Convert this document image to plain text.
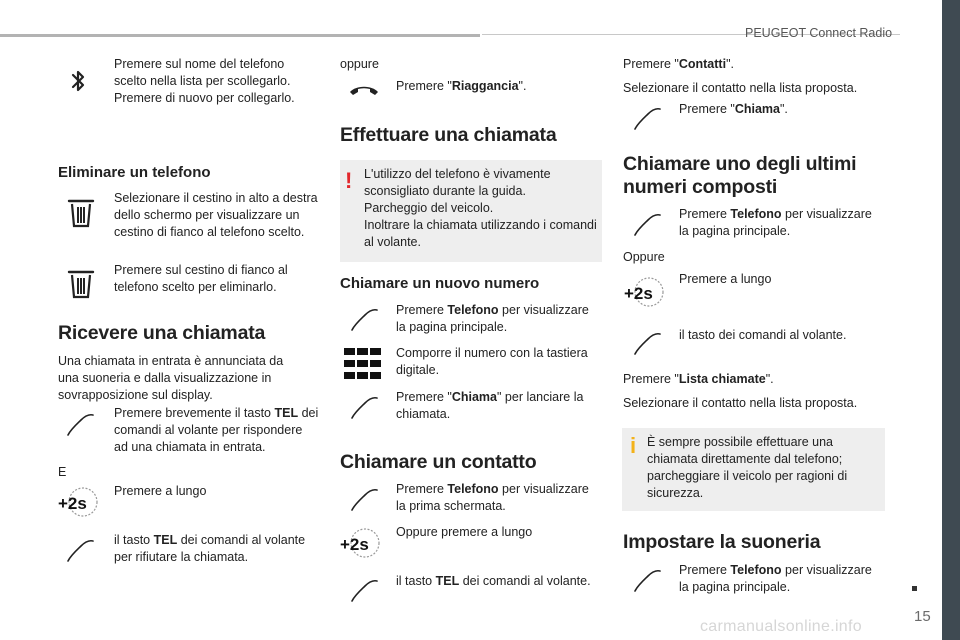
PEUGEOT Connect Radio
15
carmanualsonline.info
Premere sul nome del telefono scelto nella lista per scollegarlo. Premere di nuovo per collegarlo.
Eliminare un telefono
Selezionare il cestino in alto a destra dello schermo per visualizzare un cestino di fianco al telefono scelto.
Premere sul cestino di fianco al telefono scelto per eliminarlo.
Ricevere una chiamata
Una chiamata in entrata è annunciata da una suoneria e dalla visualizzazione in sovrapposizione sul display.
Premere brevemente il tasto TEL dei comandi al volante per rispondere ad una chiamata in entrata.
E
+2s
Premere a lungo
il tasto TEL dei comandi al volante per rifiutare la chiamata.
oppure
Premere "Riaggancia".
Effettuare una chiamata
! L'utilizzo del telefono è vivamente sconsigliato durante la guida.
Parcheggio del veicolo.
Inoltrare la chiamata utilizzando i comandi al volante.
Chiamare un nuovo numero
Premere Telefono per visualizzare la pagina principale.
Comporre il numero con la tastiera digitale.
Premere "Chiama" per lanciare la chiamata.
Chiamare un contatto
Premere Telefono per visualizzare la prima schermata.
+2s
Oppure premere a lungo
il tasto TEL dei comandi al volante.
Premere "Contatti".
Selezionare il contatto nella lista proposta.
Premere "Chiama".
Chiamare uno degli ultimi numeri composti
Premere Telefono per visualizzare la pagina principale.
Oppure
+2s
Premere a lungo
il tasto dei comandi al volante.
Premere "Lista chiamate".
Selezionare il contatto nella lista proposta.
i È sempre possibile effettuare una chiamata direttamente dal telefono; parcheggiare il veicolo per ragioni di sicurezza.
Impostare la suoneria
Premere Telefono per visualizzare la pagina principale.
